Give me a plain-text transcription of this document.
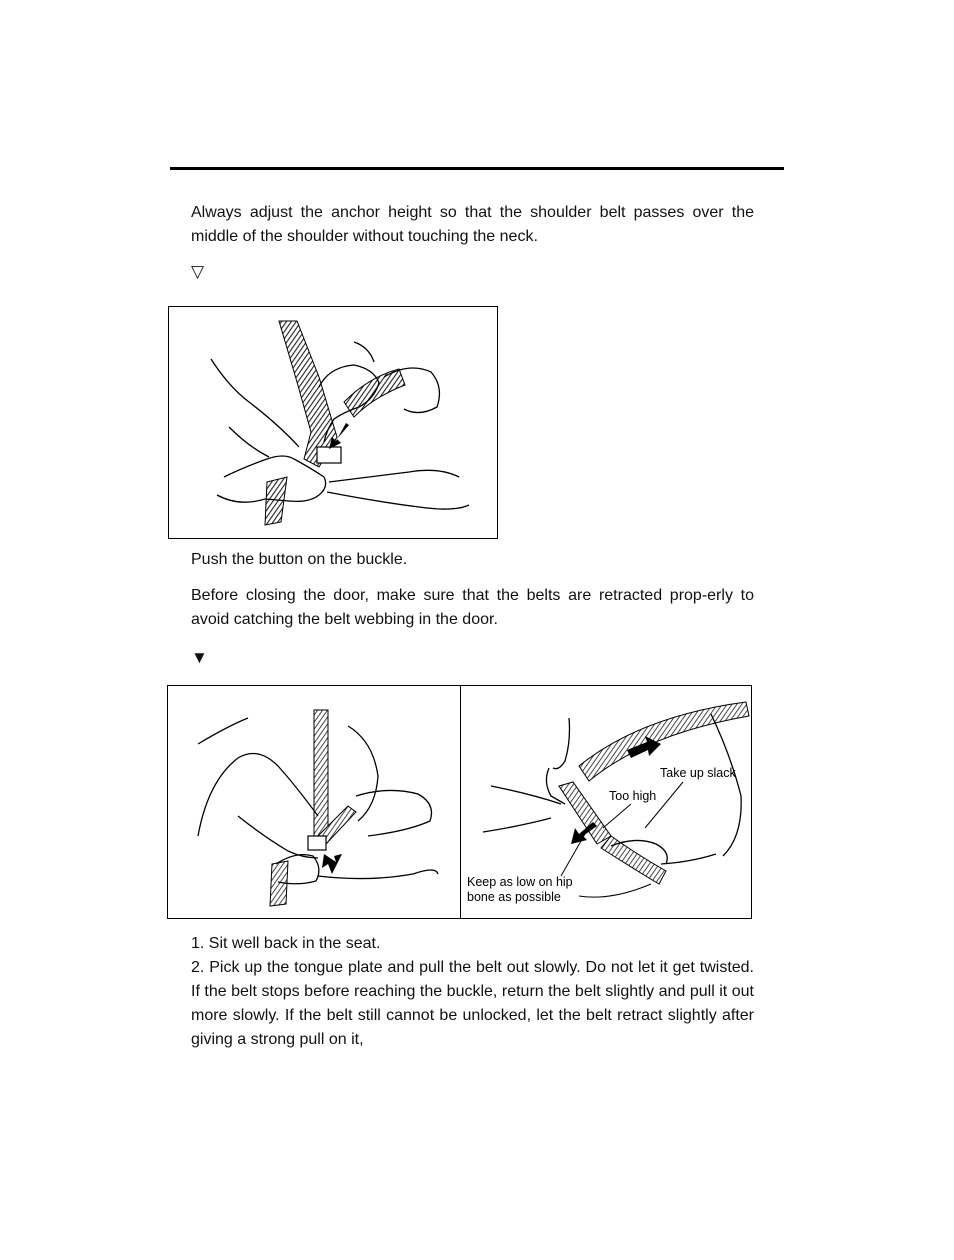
Always adjust the anchor height so that the shoulder belt passes over the middle of the shoulder without touching the neck.

▽

Push the button on the buckle.

Before closing the door, make sure that the belts are retracted prop-erly to avoid catching the belt webbing in the door.

▼
Take up slack
Too high
Keep as low on hip
bone as possible

1. Sit well back in the seat.

2. Pick up the tongue plate and pull the belt out slowly. Do not let it get twisted. If the belt stops before reaching the buckle, return the belt slightly and pull it out more slowly. If the belt still cannot be unlocked, let the belt retract slightly after giving a strong pull on it,
